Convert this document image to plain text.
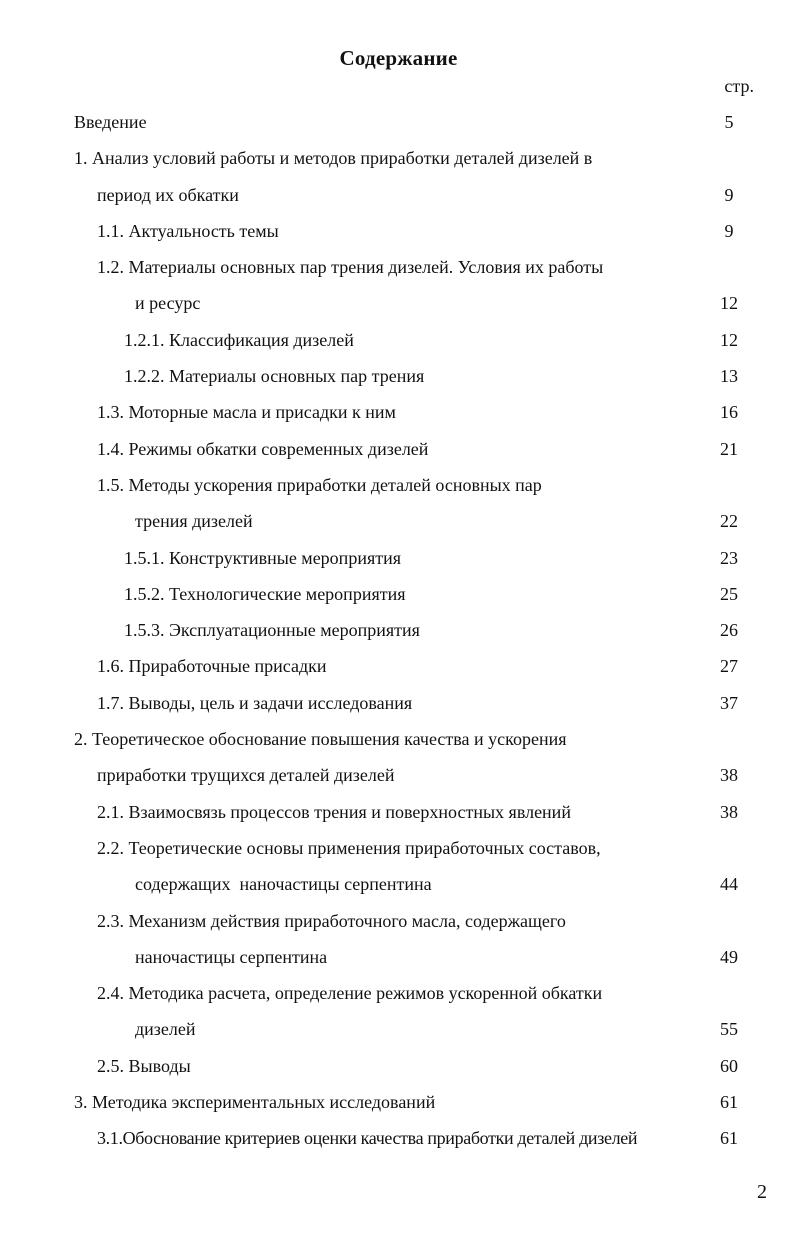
Содержание
стр.
Введение	5
1. Анализ условий работы и методов приработки деталей дизелей в
период их обкатки	9
1.1. Актуальность темы	9
1.2. Материалы основных пар трения дизелей. Условия их работы
и ресурс	12
1.2.1. Классификация дизелей	12
1.2.2. Материалы основных пар трения	13
1.3. Моторные масла и присадки к ним	16
1.4. Режимы обкатки современных дизелей	21
1.5. Методы ускорения приработки деталей основных пар
трения дизелей	22
1.5.1. Конструктивные мероприятия	23
1.5.2. Технологические мероприятия	25
1.5.3. Эксплуатационные мероприятия	26
1.6. Приработочные присадки	27
1.7. Выводы, цель и задачи исследования	37
2. Теоретическое обоснование повышения качества и ускорения
приработки трущихся деталей дизелей	38
2.1. Взаимосвязь процессов трения и поверхностных явлений	38
2.2. Теоретические основы применения приработочных составов,
содержащих  наночастицы серпентина	44
2.3. Механизм действия приработочного масла, содержащего
наночастицы серпентина	49
2.4. Методика расчета, определение режимов ускоренной обкатки
дизелей	55
2.5. Выводы	60
3. Методика экспериментальных исследований	61
3.1.Обоснование критериев оценки качества приработки деталей дизелей	61
2
